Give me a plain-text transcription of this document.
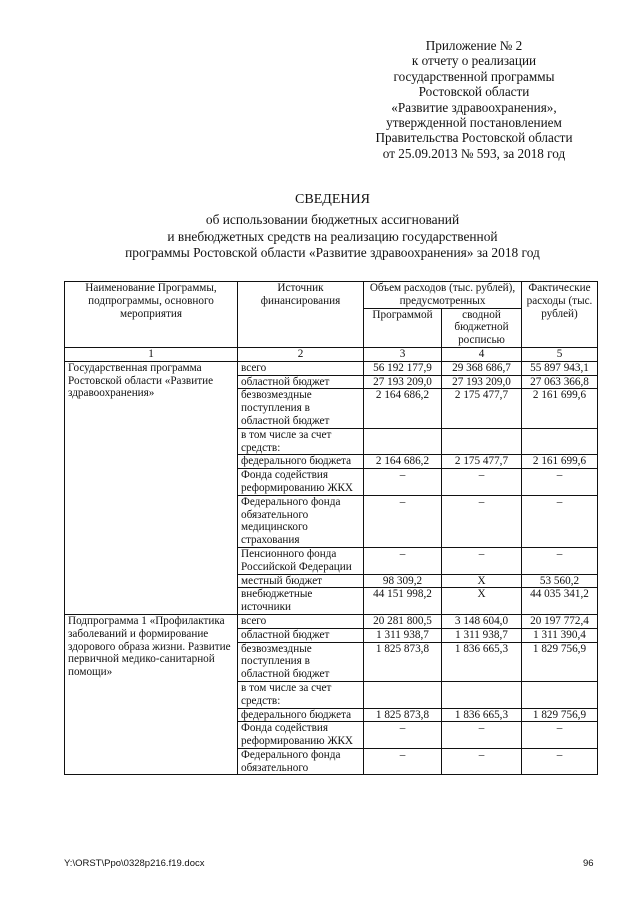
Приложение № 2
к отчету о реализации
государственной программы
Ростовской области
«Развитие здравоохранения»,
утвержденной постановлением
Правительства Ростовской области
от 25.09.2013 № 593, за 2018 год
СВЕДЕНИЯ
об использовании бюджетных ассигнований
и внебюджетных средств на реализацию государственной
программы Ростовской области «Развитие здравоохранения» за 2018 год
Наименование Программы, подпрограммы, основного мероприятия	Источник финансирования	Объем расходов (тыс. рублей), предусмотренных		Фактические расходы (тыс. рублей)
		Программой	сводной бюджетной росписью	
1	2	3	4	5
Государственная программа Ростовской области «Развитие здравоохранения»	всего	56 192 177,9	29 368 686,7	55 897 943,1
	областной бюджет	27 193 209,0	27 193 209,0	27 063 366,8
	безвозмездные поступления в областной бюджет	2 164 686,2	2 175 477,7	2 161 699,6
	в том числе за счет средств:			
	федерального бюджета	2 164 686,2	2 175 477,7	2 161 699,6
	Фонда содействия реформированию ЖКХ	–	–	–
	Федерального фонда обязательного медицинского страхования	–	–	–
	Пенсионного фонда Российской Федерации	–	–	–
	местный бюджет	98 309,2	Х	53 560,2
	внебюджетные источники	44 151 998,2	Х	44 035 341,2
Подпрограмма 1 «Профилактика заболеваний и формирование здорового образа жизни. Развитие первичной медико-санитарной помощи»	всего	20 281 800,5	3 148 604,0	20 197 772,4
	областной бюджет	1 311 938,7	1 311 938,7	1 311 390,4
	безвозмездные поступления в областной бюджет	1 825 873,8	1 836 665,3	1 829 756,9
	в том числе за счет средств:			
	федерального бюджета	1 825 873,8	1 836 665,3	1 829 756,9
	Фонда содействия реформированию ЖКХ	–	–	–
	Федерального фонда обязательного	–	–	–
Y:\ORST\Ppo\0328p216.f19.docx	96
